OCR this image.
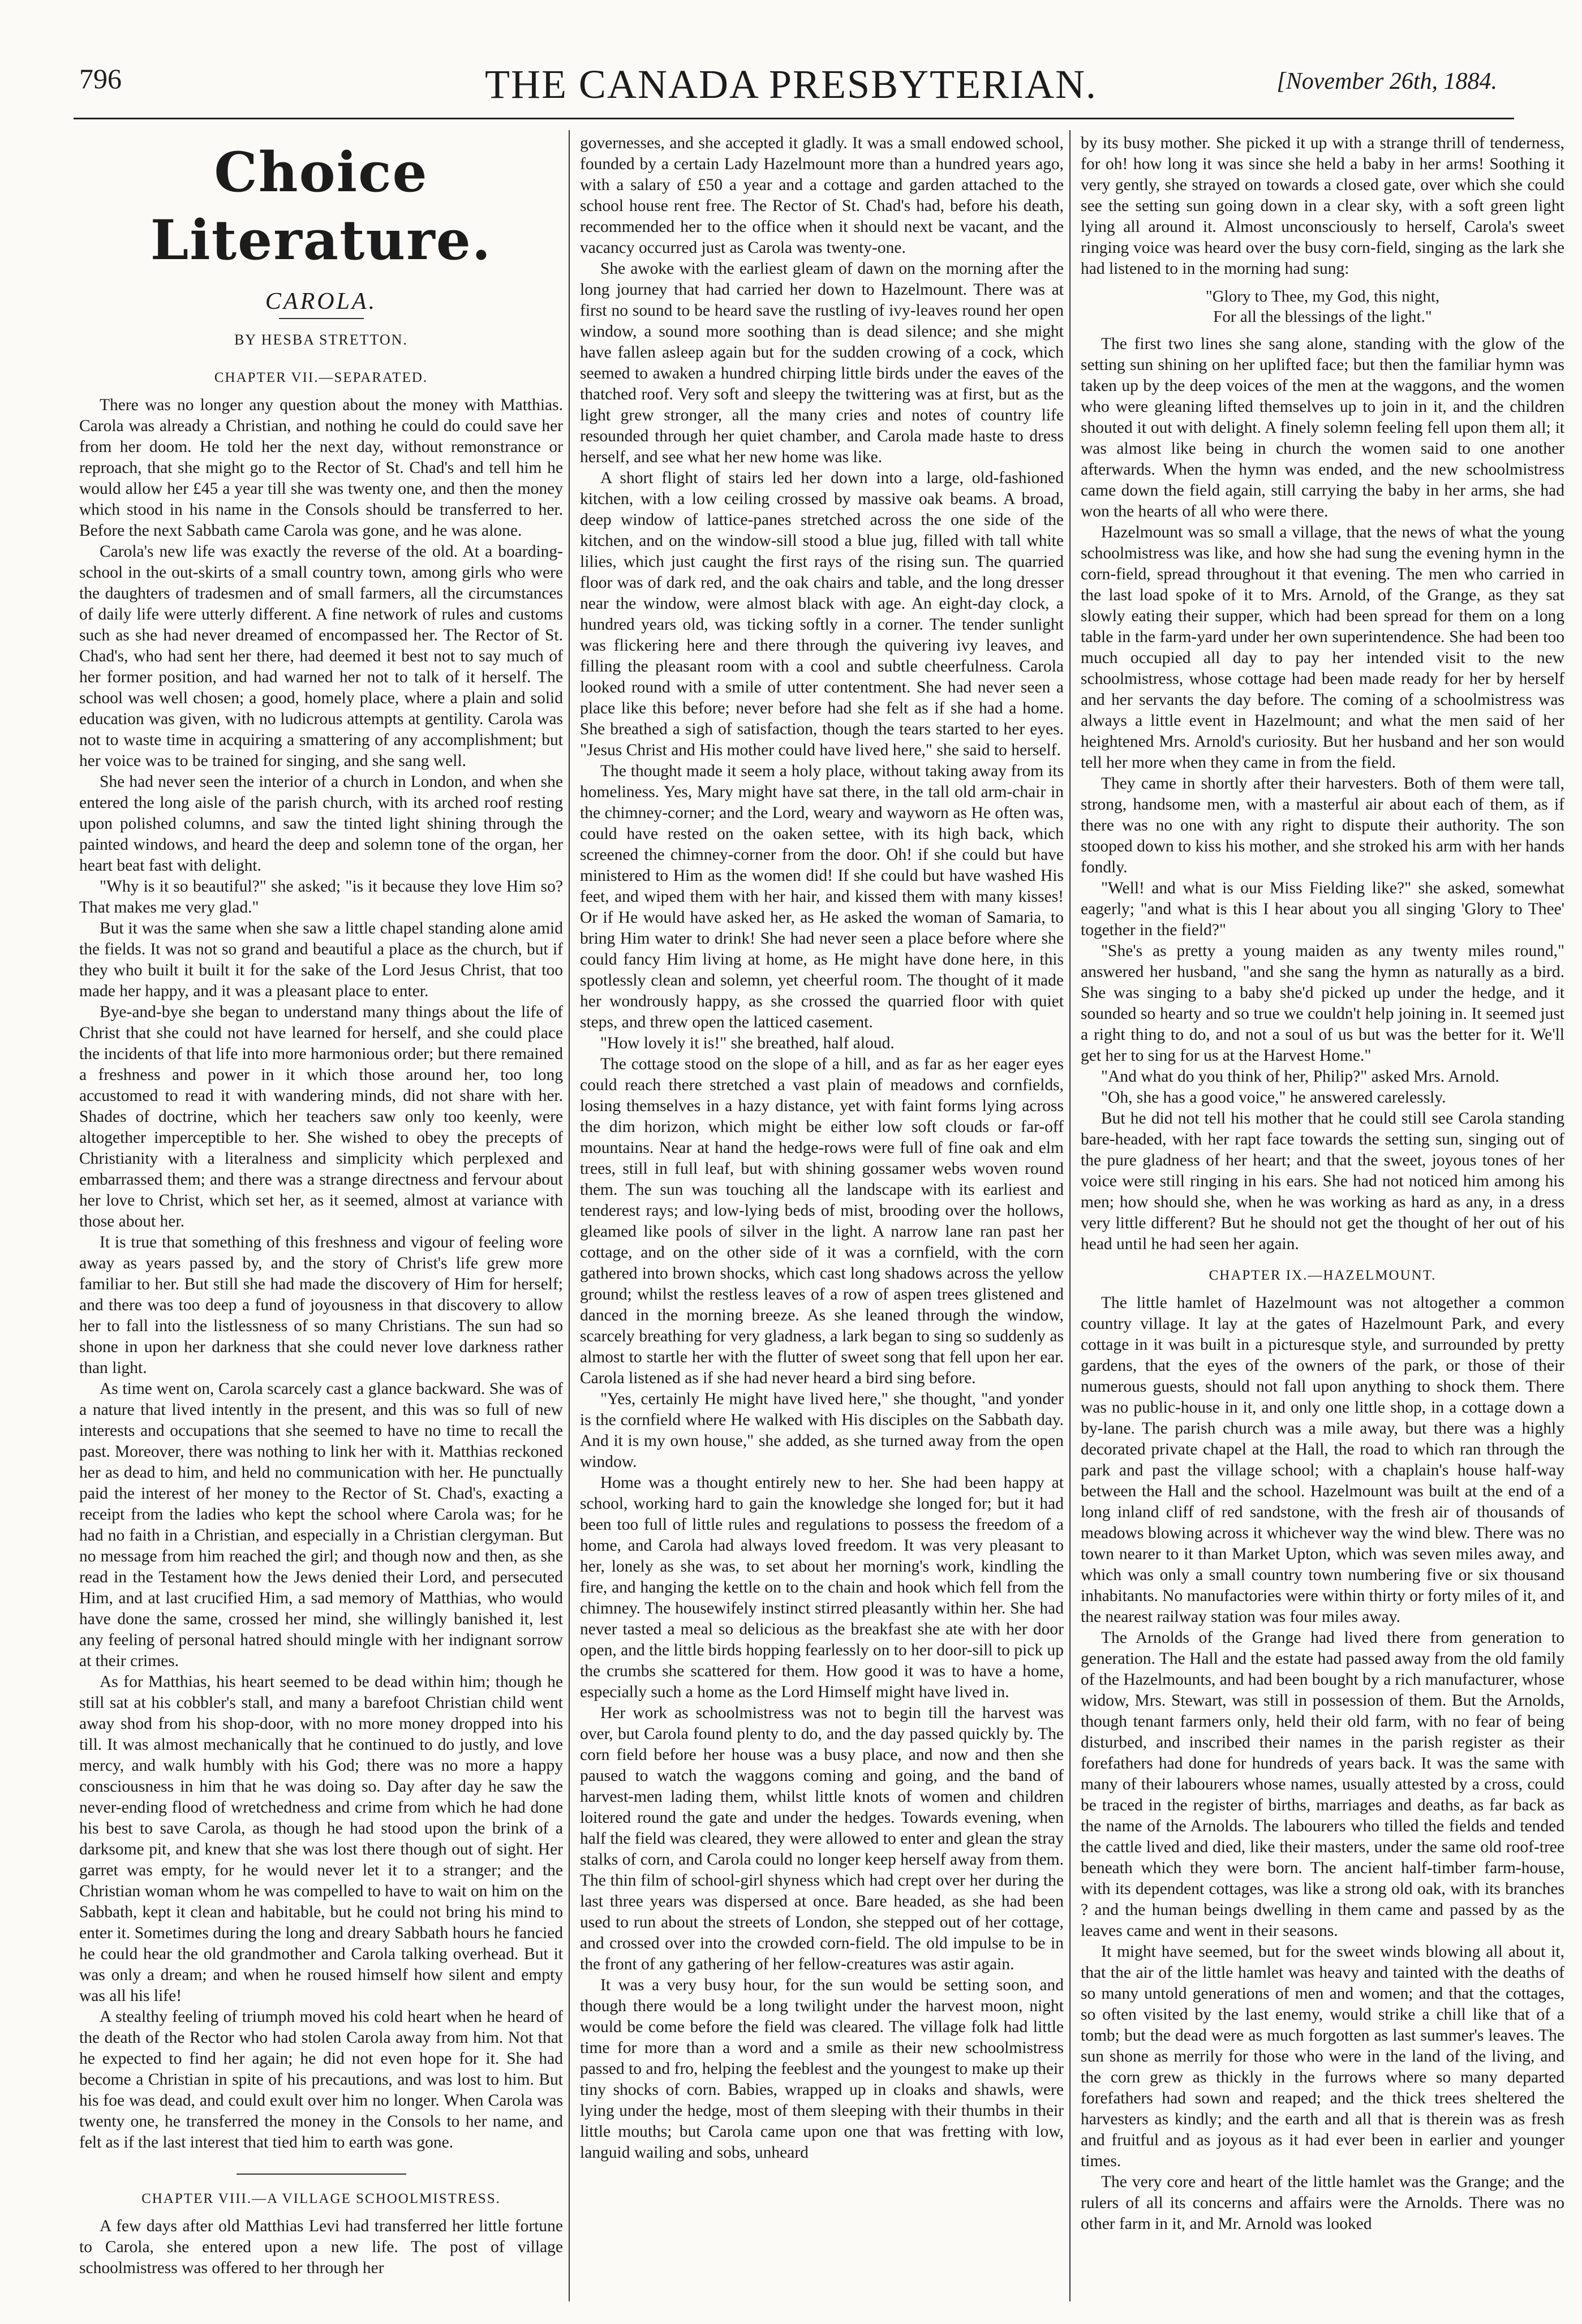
796	THE CANADA PRESBYTERIAN.	[November 26th, 1884.
Choice Literature.
CAROLA.
BY HESBA STRETTON.
CHAPTER VII.—SEPARATED.

There was no longer any question about the money with Matthias. Carola was already a Christian, and nothing he could do could save her from her doom. He told her the next day, without remonstrance or reproach, that she might go to the Rector of St. Chad's and tell him he would allow her £45 a year till she was twenty one, and then the money which stood in his name in the Consols should be transferred to her. Before the next Sabbath came Carola was gone, and he was alone.

Carola's new life was exactly the reverse of the old. At a boarding-school in the out-skirts of a small country town, among girls who were the daughters of tradesmen and of small farmers, all the circumstances of daily life were utterly different. A fine network of rules and customs such as she had never dreamed of encompassed her. The Rector of St. Chad's, who had sent her there, had deemed it best not to say much of her former position, and had warned her not to talk of it herself. The school was well chosen; a good, homely place, where a plain and solid education was given, with no ludicrous attempts at gentility. Carola was not to waste time in acquiring a smattering of any accomplishment; but her voice was to be trained for singing, and she sang well.

She had never seen the interior of a church in London, and when she entered the long aisle of the parish church, with its arched roof resting upon polished columns, and saw the tinted light shining through the painted windows, and heard the deep and solemn tone of the organ, her heart beat fast with delight.

"Why is it so beautiful?" she asked; "is it because they love Him so? That makes me very glad."

But it was the same when she saw a little chapel standing alone amid the fields. It was not so grand and beautiful a place as the church, but if they who built it built it for the sake of the Lord Jesus Christ, that too made her happy, and it was a pleasant place to enter.

Bye-and-bye she began to understand many things about the life of Christ that she could not have learned for herself, and she could place the incidents of that life into more harmonious order; but there remained a freshness and power in it which those around her, too long accustomed to read it with wandering minds, did not share with her. Shades of doctrine, which her teachers saw only too keenly, were altogether imperceptible to her. She wished to obey the precepts of Christianity with a literalness and simplicity which perplexed and embarrassed them; and there was a strange directness and fervour about her love to Christ, which set her, as it seemed, almost at variance with those about her.

It is true that something of this freshness and vigour of feeling wore away as years passed by, and the story of Christ's life grew more familiar to her. But still she had made the discovery of Him for herself; and there was too deep a fund of joyousness in that discovery to allow her to fall into the listlessness of so many Christians. The sun had so shone in upon her darkness that she could never love darkness rather than light.

As time went on, Carola scarcely cast a glance backward. She was of a nature that lived intently in the present, and this was so full of new interests and occupations that she seemed to have no time to recall the past. Moreover, there was nothing to link her with it. Matthias reckoned her as dead to him, and held no communication with her. He punctually paid the interest of her money to the Rector of St. Chad's, exacting a receipt from the ladies who kept the school where Carola was; for he had no faith in a Christian, and especially in a Christian clergyman. But no message from him reached the girl; and though now and then, as she read in the Testament how the Jews denied their Lord, and persecuted Him, and at last crucified Him, a sad memory of Matthias, who would have done the same, crossed her mind, she willingly banished it, lest any feeling of personal hatred should mingle with her indignant sorrow at their crimes.

As for Matthias, his heart seemed to be dead within him; though he still sat at his cobbler's stall, and many a barefoot Christian child went away shod from his shop-door, with no more money dropped into his till. It was almost mechanically that he continued to do justly, and love mercy, and walk humbly with his God; there was no more a happy consciousness in him that he was doing so. Day after day he saw the never-ending flood of wretchedness and crime from which he had done his best to save Carola, as though he had stood upon the brink of a darksome pit, and knew that she was lost there though out of sight. Her garret was empty, for he would never let it to a stranger; and the Christian woman whom he was compelled to have to wait on him on the Sabbath, kept it clean and habitable, but he could not bring his mind to enter it. Sometimes during the long and dreary Sabbath hours he fancied he could hear the old grandmother and Carola talking overhead. But it was only a dream; and when he roused himself how silent and empty was all his life!

A stealthy feeling of triumph moved his cold heart when he heard of the death of the Rector who had stolen Carola away from him. Not that he expected to find her again; he did not even hope for it. She had become a Christian in spite of his precautions, and was lost to him. But his foe was dead, and could exult over him no longer. When Carola was twenty one, he transferred the money in the Consols to her name, and felt as if the last interest that tied him to earth was gone.

CHAPTER VIII.—A VILLAGE SCHOOLMISTRESS.

A few days after old Matthias Levi had transferred her little fortune to Carola, she entered upon a new life. The post of village schoolmistress was offered to her through her

governesses, and she accepted it gladly. It was a small endowed school, founded by a certain Lady Hazelmount more than a hundred years ago, with a salary of £50 a year and a cottage and garden attached to the school house rent free. The Rector of St. Chad's had, before his death, recommended her to the office when it should next be vacant, and the vacancy occurred just as Carola was twenty-one.

She awoke with the earliest gleam of dawn on the morning after the long journey that had carried her down to Hazelmount. There was at first no sound to be heard save the rustling of ivy-leaves round her open window, a sound more soothing than is dead silence; and she might have fallen asleep again but for the sudden crowing of a cock, which seemed to awaken a hundred chirping little birds under the eaves of the thatched roof. Very soft and sleepy the twittering was at first, but as the light grew stronger, all the many cries and notes of country life resounded through her quiet chamber, and Carola made haste to dress herself, and see what her new home was like.

A short flight of stairs led her down into a large, old-fashioned kitchen, with a low ceiling crossed by massive oak beams. A broad, deep window of lattice-panes stretched across the one side of the kitchen, and on the window-sill stood a blue jug, filled with tall white lilies, which just caught the first rays of the rising sun. The quarried floor was of dark red, and the oak chairs and table, and the long dresser near the window, were almost black with age. An eight-day clock, a hundred years old, was ticking softly in a corner. The tender sunlight was flickering here and there through the quivering ivy leaves, and filling the pleasant room with a cool and subtle cheerfulness. Carola looked round with a smile of utter contentment. She had never seen a place like this before; never before had she felt as if she had a home. She breathed a sigh of satisfaction, though the tears started to her eyes. "Jesus Christ and His mother could have lived here," she said to herself.

The thought made it seem a holy place, without taking away from its homeliness. Yes, Mary might have sat there, in the tall old arm-chair in the chimney-corner; and the Lord, weary and wayworn as He often was, could have rested on the oaken settee, with its high back, which screened the chimney-corner from the door. Oh! if she could but have ministered to Him as the women did! If she could but have washed His feet, and wiped them with her hair, and kissed them with many kisses! Or if He would have asked her, as He asked the woman of Samaria, to bring Him water to drink! She had never seen a place before where she could fancy Him living at home, as He might have done here, in this spotlessly clean and solemn, yet cheerful room. The thought of it made her wondrously happy, as she crossed the quarried floor with quiet steps, and threw open the latticed casement.

"How lovely it is!" she breathed, half aloud.

The cottage stood on the slope of a hill, and as far as her eager eyes could reach there stretched a vast plain of meadows and cornfields, losing themselves in a hazy distance, yet with faint forms lying across the dim horizon, which might be either low soft clouds or far-off mountains. Near at hand the hedge-rows were full of fine oak and elm trees, still in full leaf, but with shining gossamer webs woven round them. The sun was touching all the landscape with its earliest and tenderest rays; and low-lying beds of mist, brooding over the hollows, gleamed like pools of silver in the light. A narrow lane ran past her cottage, and on the other side of it was a cornfield, with the corn gathered into brown shocks, which cast long shadows across the yellow ground; whilst the restless leaves of a row of aspen trees glistened and danced in the morning breeze. As she leaned through the window, scarcely breathing for very gladness, a lark began to sing so suddenly as almost to startle her with the flutter of sweet song that fell upon her ear. Carola listened as if she had never heard a bird sing before.

"Yes, certainly He might have lived here," she thought, "and yonder is the cornfield where He walked with His disciples on the Sabbath day. And it is my own house," she added, as she turned away from the open window.

Home was a thought entirely new to her. She had been happy at school, working hard to gain the knowledge she longed for; but it had been too full of little rules and regulations to possess the freedom of a home, and Carola had always loved freedom. It was very pleasant to her, lonely as she was, to set about her morning's work, kindling the fire, and hanging the kettle on to the chain and hook which fell from the chimney. The housewifely instinct stirred pleasantly within her. She had never tasted a meal so delicious as the breakfast she ate with her door open, and the little birds hopping fearlessly on to her door-sill to pick up the crumbs she scattered for them. How good it was to have a home, especially such a home as the Lord Himself might have lived in.

Her work as schoolmistress was not to begin till the harvest was over, but Carola found plenty to do, and the day passed quickly by. The corn field before her house was a busy place, and now and then she paused to watch the waggons coming and going, and the band of harvest-men lading them, whilst little knots of women and children loitered round the gate and under the hedges. Towards evening, when half the field was cleared, they were allowed to enter and glean the stray stalks of corn, and Carola could no longer keep herself away from them. The thin film of school-girl shyness which had crept over her during the last three years was dispersed at once. Bare headed, as she had been used to run about the streets of London, she stepped out of her cottage, and crossed over into the crowded corn-field. The old impulse to be in the front of any gathering of her fellow-creatures was astir again.

It was a very busy hour, for the sun would be setting soon, and though there would be a long twilight under the harvest moon, night would be come before the field was cleared. The village folk had little time for more than a word and a smile as their new schoolmistress passed to and fro, helping the feeblest and the youngest to make up their tiny shocks of corn. Babies, wrapped up in cloaks and shawls, were lying under the hedge, most of them sleeping with their thumbs in their little mouths; but Carola came upon one that was fretting with low, languid wailing and sobs, unheard

by its busy mother. She picked it up with a strange thrill of tenderness, for oh! how long it was since she held a baby in her arms! Soothing it very gently, she strayed on towards a closed gate, over which she could see the setting sun going down in a clear sky, with a soft green light lying all around it. Almost unconsciously to herself, Carola's sweet ringing voice was heard over the busy corn-field, singing as the lark she had listened to in the morning had sung:

"Glory to Thee, my God, this night,
For all the blessings of the light."

The first two lines she sang alone, standing with the glow of the setting sun shining on her uplifted face; but then the familiar hymn was taken up by the deep voices of the men at the waggons, and the women who were gleaning lifted themselves up to join in it, and the children shouted it out with delight. A finely solemn feeling fell upon them all; it was almost like being in church the women said to one another afterwards. When the hymn was ended, and the new schoolmistress came down the field again, still carrying the baby in her arms, she had won the hearts of all who were there.

Hazelmount was so small a village, that the news of what the young schoolmistress was like, and how she had sung the evening hymn in the corn-field, spread throughout it that evening. The men who carried in the last load spoke of it to Mrs. Arnold, of the Grange, as they sat slowly eating their supper, which had been spread for them on a long table in the farm-yard under her own superintendence. She had been too much occupied all day to pay her intended visit to the new schoolmistress, whose cottage had been made ready for her by herself and her servants the day before. The coming of a schoolmistress was always a little event in Hazelmount; and what the men said of her heightened Mrs. Arnold's curiosity. But her husband and her son would tell her more when they came in from the field.

They came in shortly after their harvesters. Both of them were tall, strong, handsome men, with a masterful air about each of them, as if there was no one with any right to dispute their authority. The son stooped down to kiss his mother, and she stroked his arm with her hands fondly.

"Well! and what is our Miss Fielding like?" she asked, somewhat eagerly; "and what is this I hear about you all singing 'Glory to Thee' together in the field?"

"She's as pretty a young maiden as any twenty miles round," answered her husband, "and she sang the hymn as naturally as a bird. She was singing to a baby she'd picked up under the hedge, and it sounded so hearty and so true we couldn't help joining in. It seemed just a right thing to do, and not a soul of us but was the better for it. We'll get her to sing for us at the Harvest Home."

"And what do you think of her, Philip?" asked Mrs. Arnold.

"Oh, she has a good voice," he answered carelessly.

But he did not tell his mother that he could still see Carola standing bare-headed, with her rapt face towards the setting sun, singing out of the pure gladness of her heart; and that the sweet, joyous tones of her voice were still ringing in his ears. She had not noticed him among his men; how should she, when he was working as hard as any, in a dress very little different? But he should not get the thought of her out of his head until he had seen her again.

CHAPTER IX.—HAZELMOUNT.

The little hamlet of Hazelmount was not altogether a common country village. It lay at the gates of Hazelmount Park, and every cottage in it was built in a picturesque style, and surrounded by pretty gardens, that the eyes of the owners of the park, or those of their numerous guests, should not fall upon anything to shock them. There was no public-house in it, and only one little shop, in a cottage down a by-lane. The parish church was a mile away, but there was a highly decorated private chapel at the Hall, the road to which ran through the park and past the village school; with a chaplain's house half-way between the Hall and the school. Hazelmount was built at the end of a long inland cliff of red sandstone, with the fresh air of thousands of meadows blowing across it whichever way the wind blew. There was no town nearer to it than Market Upton, which was seven miles away, and which was only a small country town numbering five or six thousand inhabitants. No manufactories were within thirty or forty miles of it, and the nearest railway station was four miles away.

The Arnolds of the Grange had lived there from generation to generation. The Hall and the estate had passed away from the old family of the Hazelmounts, and had been bought by a rich manufacturer, whose widow, Mrs. Stewart, was still in possession of them. But the Arnolds, though tenant farmers only, held their old farm, with no fear of being disturbed, and inscribed their names in the parish register as their forefathers had done for hundreds of years back. It was the same with many of their labourers whose names, usually attested by a cross, could be traced in the register of births, marriages and deaths, as far back as the name of the Arnolds. The labourers who tilled the fields and tended the cattle lived and died, like their masters, under the same old roof-tree beneath which they were born. The ancient half-timber farm-house, with its dependent cottages, was like a strong old oak, with its branches ? and the human beings dwelling in them came and passed by as the leaves came and went in their seasons.

It might have seemed, but for the sweet winds blowing all about it, that the air of the little hamlet was heavy and tainted with the deaths of so many untold generations of men and women; and that the cottages, so often visited by the last enemy, would strike a chill like that of a tomb; but the dead were as much forgotten as last summer's leaves. The sun shone as merrily for those who were in the land of the living, and the corn grew as thickly in the furrows where so many departed forefathers had sown and reaped; and the thick trees sheltered the harvesters as kindly; and the earth and all that is therein was as fresh and fruitful and as joyous as it had ever been in earlier and younger times.

The very core and heart of the little hamlet was the Grange; and the rulers of all its concerns and affairs were the Arnolds. There was no other farm in it, and Mr. Arnold was looked
